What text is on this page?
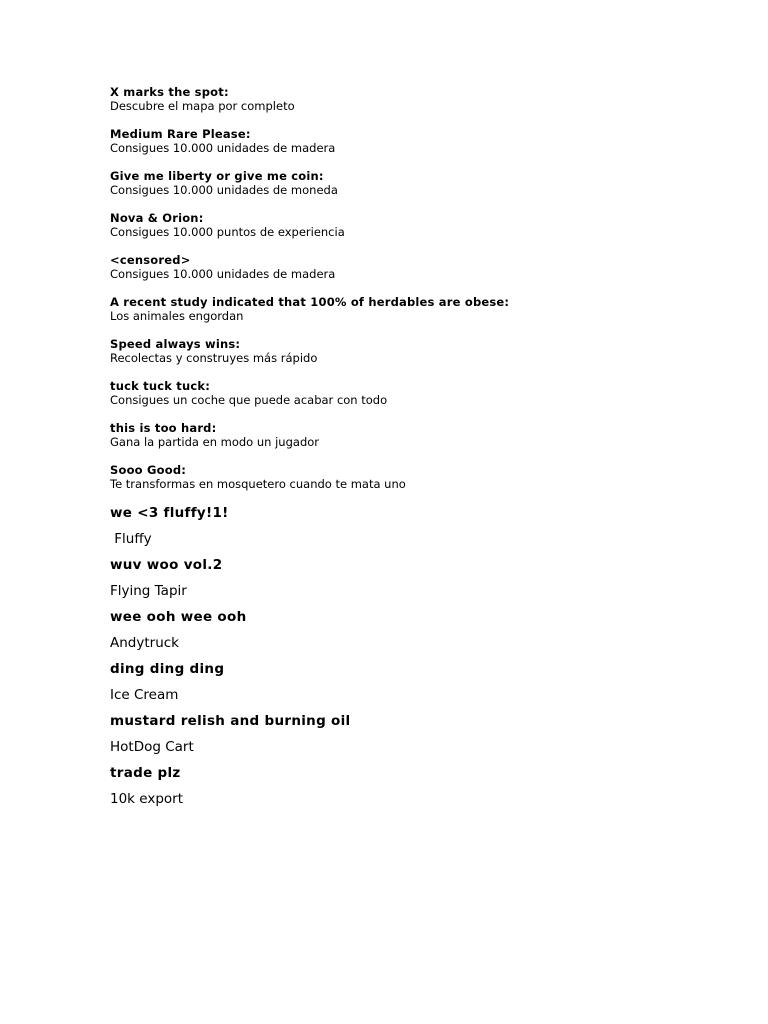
X marks the spot:
Descubre el mapa por completo
Medium Rare Please:
Consigues 10.000 unidades de madera
Give me liberty or give me coin:
Consigues 10.000 unidades de moneda
Nova & Orion:
Consigues 10.000 puntos de experiencia
<censored>
Consigues 10.000 unidades de madera
A recent study indicated that 100% of herdables are obese:
Los animales engordan
Speed always wins:
Recolectas y construyes más rápido
tuck tuck tuck:
Consigues un coche que puede acabar con todo
this is too hard:
Gana la partida en modo un jugador
Sooo Good:
Te transformas en mosquetero cuando te mata uno
we <3 fluffy!1!
Fluffy
wuv woo vol.2
Flying Tapir
wee ooh wee ooh
Andytruck
ding ding ding
Ice Cream
mustard relish and burning oil
HotDog Cart
trade plz
10k export
